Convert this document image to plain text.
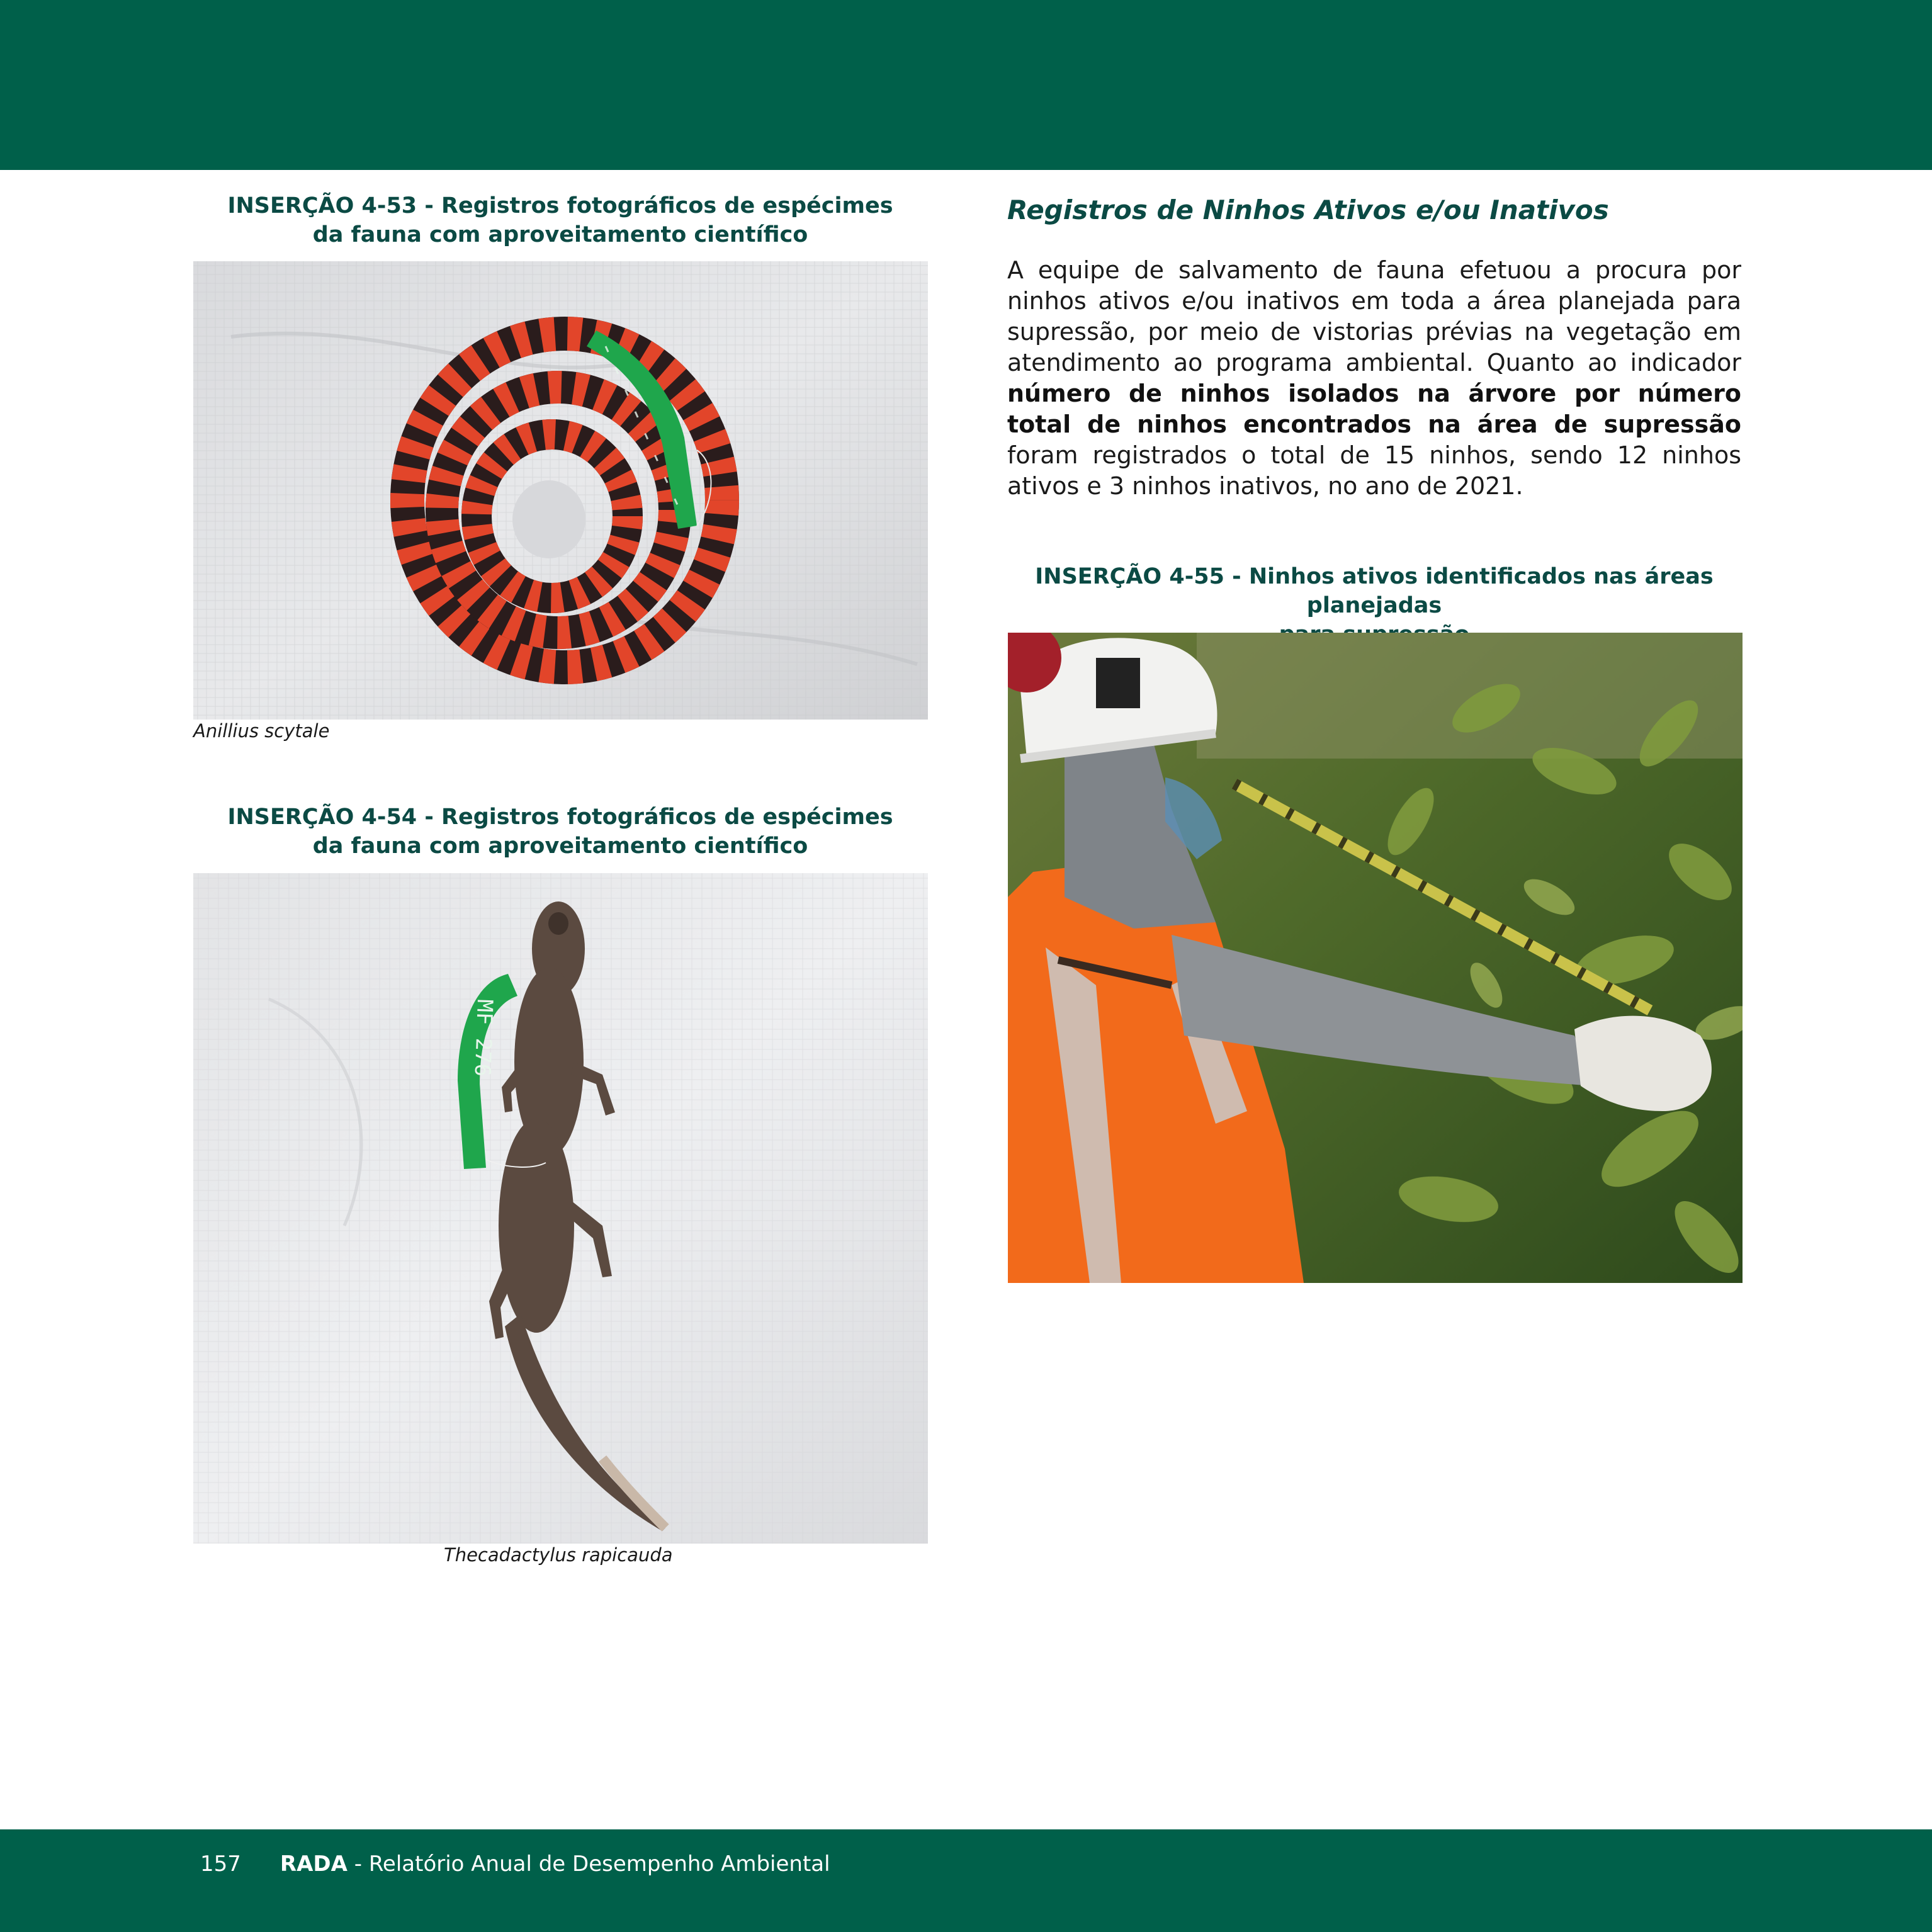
INSERÇÃO 4-53 - Registros fotográficos de espécimes
da fauna com aproveitamento científico
Anillius scytale
INSERÇÃO 4-54 - Registros fotográficos de espécimes
da fauna com aproveitamento científico
MF 276
Thecadactylus rapicauda
Registros de Ninhos Ativos e/ou Inativos
A equipe de salvamento de fauna efetuou a procura por ninhos ativos e/ou inativos em toda a área planejada para supressão, por meio de vistorias prévias na vegetação em atendimento ao programa ambiental. Quanto ao indicador número de ninhos isolados na árvore por número total de ninhos encontrados na área de supressão foram registrados o total de 15 ninhos, sendo 12 ninhos ativos e 3 ninhos inativos, no ano de 2021.
INSERÇÃO 4-55 - Ninhos ativos identificados nas áreas planejadas
157 RADA - Relatório Anual de Desempenho Ambiental
